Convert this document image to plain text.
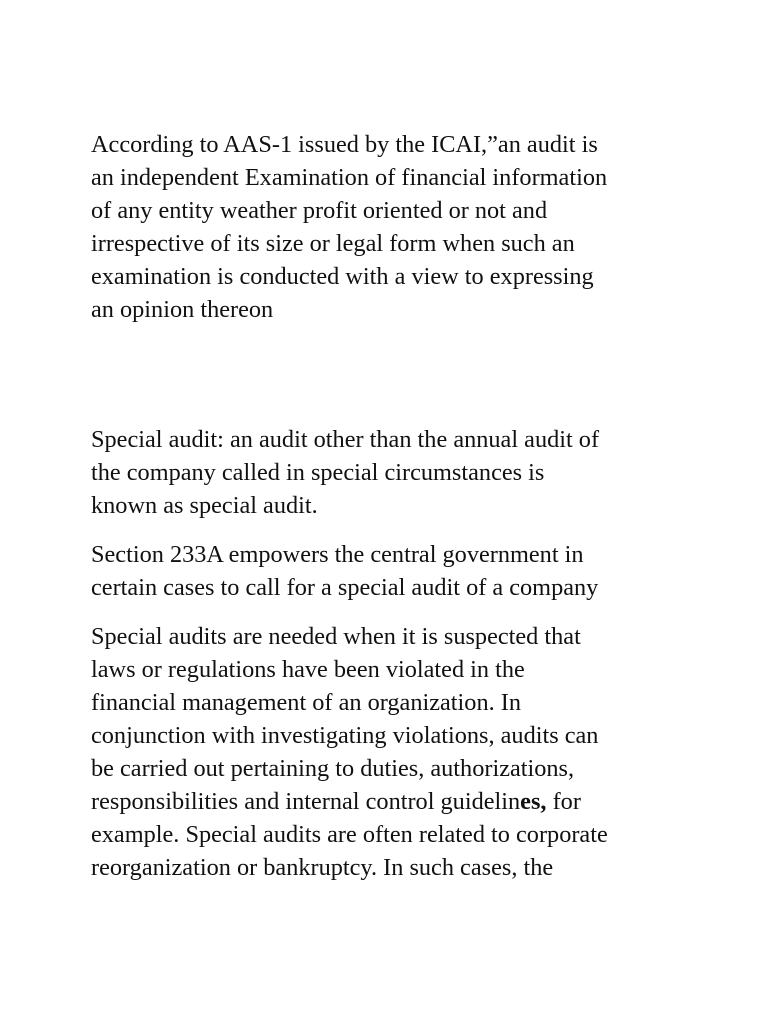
According to AAS-1 issued by the ICAI,”an audit is
an independent Examination of financial information
of any entity weather profit oriented or not and
irrespective of its size or legal form when such an
examination is conducted with a view to expressing
an opinion thereon

Special audit: an audit other than the annual audit of
the company called in special circumstances is
known as special audit.

Section 233A empowers the central government in
certain cases to call for a special audit of a company

Special audits are needed when it is suspected that
laws or regulations have been violated in the
financial management of an organization. In
conjunction with investigating violations, audits can
be carried out pertaining to duties, authorizations,
responsibilities and internal control guidelines, for
example. Special audits are often related to corporate
reorganization or bankruptcy. In such cases, the
